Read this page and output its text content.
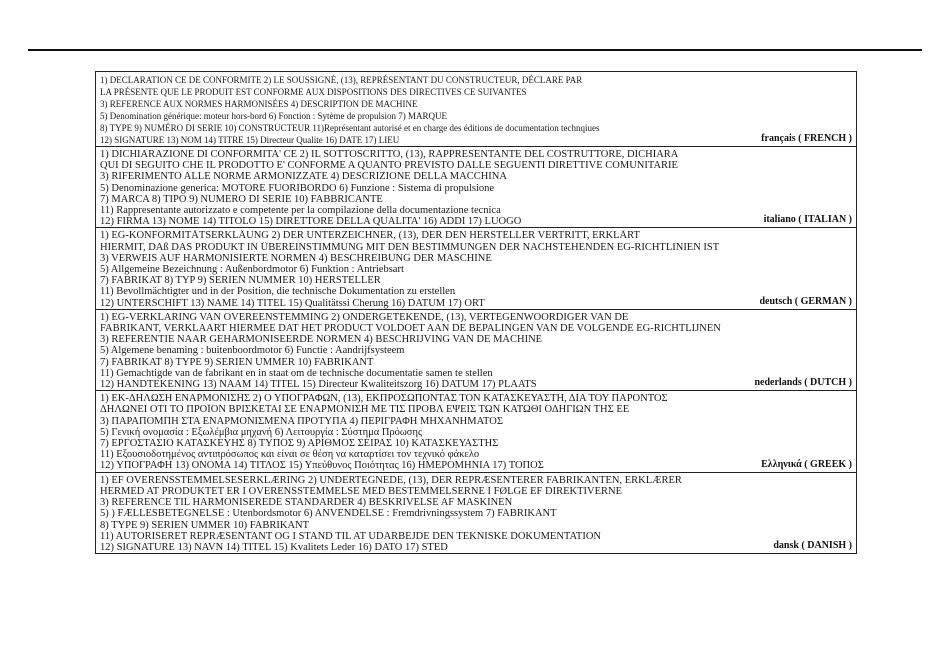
1) DECLARATION CE DE CONFORMITE 2) LE SOUSSIGNÉ, (13), REPRÉSENTANT DU CONSTRUCTEUR, DÉCLARE PAR
LA PRÉSENTE QUE LE PRODUIT EST CONFORME AUX DISPOSITIONS DES DIRECTIVES CE SUIVANTES
3) REFERENCE AUX NORMES HARMONISÉES 4) DESCRIPTION DE MACHINE
5) Denomination générique: moteur hors-bord 6) Fonction : Sytème de propulsion 7) MARQUE
8) TYPE 9) NUMÉRO DI SERIE 10) CONSTRUCTEUR 11)Représentant autorisé et en charge des éditions de documentation technqiues
12) SIGNATURE 13) NOM 14) TITRE 15) Directeur Qualite 16) DATE 17) LIEU	français ( FRENCH )
1) DICHIARAZIONE DI CONFORMITA' CE 2) IL SOTTOSCRITTO, (13), RAPPRESENTANTE DEL COSTRUTTORE, DICHIARA
QUI DI SEGUITO CHE IL PRODOTTO E' CONFORME A QUANTO PREVISTO DALLE SEGUENTI DIRETTIVE COMUNITARIE
3) RIFERIMENTO ALLE NORME ARMONIZZATE 4) DESCRIZIONE DELLA MACCHINA
5) Denominazione generica: MOTORE FUORIBORDO 6) Funzione : Sistema di propulsione
7) MARCA 8) TIPO 9) NUMERO DI SERIE 10) FABBRICANTE
11) Rappresentante autorizzato e competente per la compilazione della documentazione tecnica
12) FIRMA 13) NOME 14) TITOLO 15) DIRETTORE DELLA QUALITA' 16) ADDÌ 17) LUOGO	italiano ( ITALIAN )
1) EG-KONFORMITÄTSERKLÄUNG 2) DER UNTERZEICHNER, (13), DER DEN HERSTELLER VERTRITT, ERKLÄRT
HIERMIT, DAß DAS PRODUKT IN ÜBEREINSTIMMUNG MIT DEN BESTIMMUNGEN DER NACHSTEHENDEN EG-RICHTLINIEN IST
3) VERWEIS AUF HARMONISIERTE NORMEN 4) BESCHREIBUNG DER MASCHINE
5) Allgemeine Bezeichnung : Außenbordmotor 6) Funktion : Antriebsart
7) FABRIKAT 8) TYP 9) SERIEN NUMMER 10) HERSTELLER
11) Bevollmächtigter und in der Position, die technische Dokumentation zu erstellen
12) UNTERSCHIFT 13) NAME 14) TITEL 15) Qualitätssi Cherung 16) DATUM 17) ORT	deutsch ( GERMAN )
1) EG-VERKLARING VAN OVEREENSTEMMING 2) ONDERGETEKENDE, (13), VERTEGENWOORDIGER VAN DE
FABRIKANT, VERKLAART HIERMEE DAT HET PRODUCT VOLDOET AAN DE BEPALINGEN VAN DE VOLGENDE EG-RICHTLIJNEN
3) REFERENTIE NAAR GEHARMONISEERDE NORMEN 4) BESCHRIJVING VAN DE MACHINE
5) Algemene benaming : buitenboordmotor 6) Functie : Aandrijfsysteem
7) FABRIKAT 8) TYPE 9) SERIEN UMMER 10) FABRIKANT
11) Gemachtigde van de fabrikant en in staat om de technische documentatie samen te stellen
12) HANDTEKENING 13) NAAM 14) TITEL 15) Directeur Kwaliteitszorg 16) DATUM 17) PLAATS	nederlands ( DUTCH )
1) ΕΚ-ΔΗΛΩΣΗ ΕΝΑΡΜΟΝΙΣΗΣ 2) Ο ΥΠΟΓΡΑΦΩΝ, (13), ΕΚΠΡΟΣΩΠΟΝΤΑΣ ΤΟΝ ΚΑΤΑΣΚΕΥΑΣΤΗ, ΔΙΑ ΤΟΥ ΠΑΡΟΝΤΟΣ
ΔΗΛΩΝΕΙ ΟΤΙ ΤΟ ΠΡΟΪΟΝ ΒΡΙΣΚΕΤΑΙ ΣΕ ΕΝΑΡΜΟΝΙΣΗ ΜΕ ΤΙΣ ΠΡΟΒΛ ΕΨΕΙΣ ΤΩΝ ΚΑΤΩΘΙ ΟΔΗΓΙΩΝ ΤΗΣ ΕΕ
3) ΠΑΡΑΠΟΜΠΗ ΣΤΑ ΕΝΑΡΜΟΝΙΣΜΕΝΑ ΠΡΟΤΥΠΑ 4) ΠΕΡΙΓΡΑΦΗ ΜΗΧΑΝΗΜΑΤΟΣ
5) Γενική ονομασία : Εξωλέμβια μηχανή 6) Λειτουργία : Σύστημα Πρόωσης
7) ΕΡΓΟΣΤΑΣΙΟ ΚΑΤΑΣΚΕΥΗΣ 8) ΤΥΠΟΣ 9) ΑΡΙΘΜΟΣ ΣΕΙΡΑΣ 10) ΚΑΤΑΣΚΕΥΑΣΤΗΣ
11) Εξουσιοδοτημένος αντιπρόσωπος και είναι σε θέση να καταρτίσει τον τεχνικό φάκελο
12) ΥΠΟΓΡΑΦΗ 13) ΟΝΟΜΑ 14) ΤΙΤΛΟΣ 15) Υπεύθυνος Ποιότητας 16) ΗΜΕΡΟΜΗΝΙΑ 17) ΤΟΠΟΣ	Ελληνικά ( GREEK )
1) EF OVERENSSTEMMELSESERKLÆRING 2) UNDERTEGNEDE, (13), DER REPRÆSENTERER FABRIKANTEN, ERKLÆRER
HERMED AT PRODUKTET ER I OVERENSSTEMMELSE MED BESTEMMELSERNE I FØLGE EF DIREKTIVERNE
3) REFERENCE TIL HARMONISEREDE STANDARDER 4) BESKRIVELSE AF MASKINEN
5) ) FÆLLESBETEGNELSE : Utenbordsmotor 6) ANVENDELSE : Fremdrivningssystem 7) FABRIKANT
8) TYPE 9) SERIEN UMMER 10) FABRIKANT
11) AUTORISERET REPRÆSENTANT OG I STAND TIL AT UDARBEJDE DEN TEKNISKE DOKUMENTATION
12) SIGNATURE 13) NAVN 14) TITEL 15) Kvalitets Leder 16) DATO 17) STED	dansk ( DANISH )
